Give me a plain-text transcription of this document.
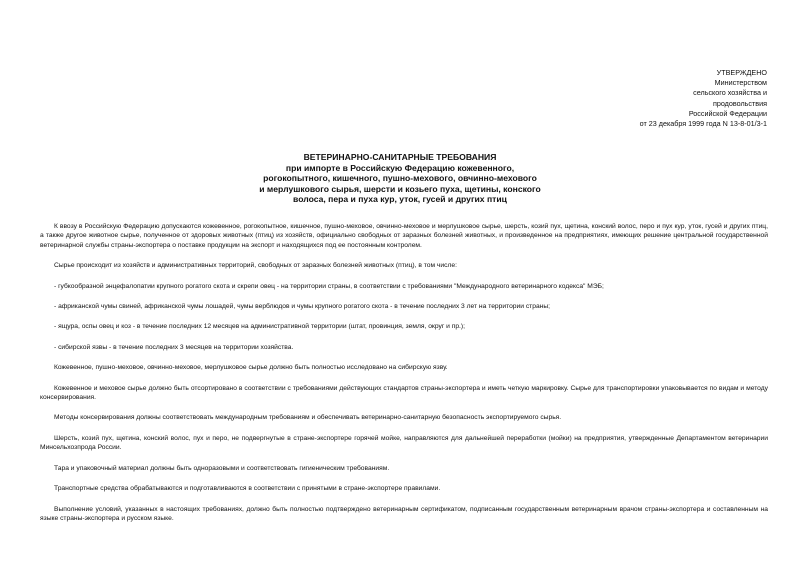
УТВЕРЖДЕНО
Министерством
сельского хозяйства и
продовольствия
Российской Федерации
от 23 декабря 1999 года N 13-8-01/3-1
ВЕТЕРИНАРНО-САНИТАРНЫЕ ТРЕБОВАНИЯ
при импорте в Российскую Федерацию кожевенного,
рогокопытного, кишечного, пушно-мехового, овчинно-мехового
и мерлушкового сырья, шерсти и козьего пуха, щетины, конского
волоса, пера и пуха кур, уток, гусей и других птиц

К ввозу в Российскую Федерацию допускаются кожевенное, рогокопытное, кишечное, пушно-меховое, овчинно-меховое и мерлушковое сырье, шерсть, козий пух, щетина, конский волос, перо и пух кур, уток, гусей и других птиц, а также другое животное сырье, полученное от здоровых животных (птиц) из хозяйств, официально свободных от заразных болезней животных, и произведенное на предприятиях, имеющих решение центральной государственной ветеринарной службы страны-экспортера о поставке продукции на экспорт и находящихся под ее постоянным контролем.

Сырье происходит из хозяйств и административных территорий, свободных от заразных болезней животных (птиц), в том числе:

- губкообразной энцефалопатии крупного рогатого скота и скрепи овец - на территории страны, в соответствии с требованиями "Международного ветеринарного кодекса" МЭБ;

- африканской чумы свиней, африканской чумы лошадей, чумы верблюдов и чумы крупного рогатого скота - в течение последних 3 лет на территории страны;

- ящура, оспы овец и коз - в течение последних 12 месяцев на административной территории (штат, провинция, земля, округ и пр.);

- сибирской язвы - в течение последних 3 месяцев на территории хозяйства.

Кожевенное, пушно-меховое, овчинно-меховое, мерлушковое сырье должно быть полностью исследовано на сибирскую язву.

Кожевенное и меховое сырье должно быть отсортировано в соответствии с требованиями действующих стандартов страны-экспортера и иметь четкую маркировку. Сырье для транспортировки упаковывается по видам и методу консервирования.

Методы консервирования должны соответствовать международным требованиям и обеспечивать ветеринарно-санитарную безопасность экспортируемого сырья.

Шерсть, козий пух, щетина, конский волос, пух и перо, не подвергнутые в стране-экспортере горячей мойке, направляются для дальнейшей переработки (мойки) на предприятия, утвержденные Департаментом ветеринарии Минсельхозпрода России.

Тара и упаковочный материал должны быть одноразовыми и соответствовать гигиеническим требованиям.

Транспортные средства обрабатываются и подготавливаются в соответствии с принятыми в стране-экспортере правилами.

Выполнение условий, указанных в настоящих требованиях, должно быть полностью подтверждено ветеринарным сертификатом, подписанным государственным ветеринарным врачом страны-экспортера и составленным на языке страны-экспортера и русском языке.
